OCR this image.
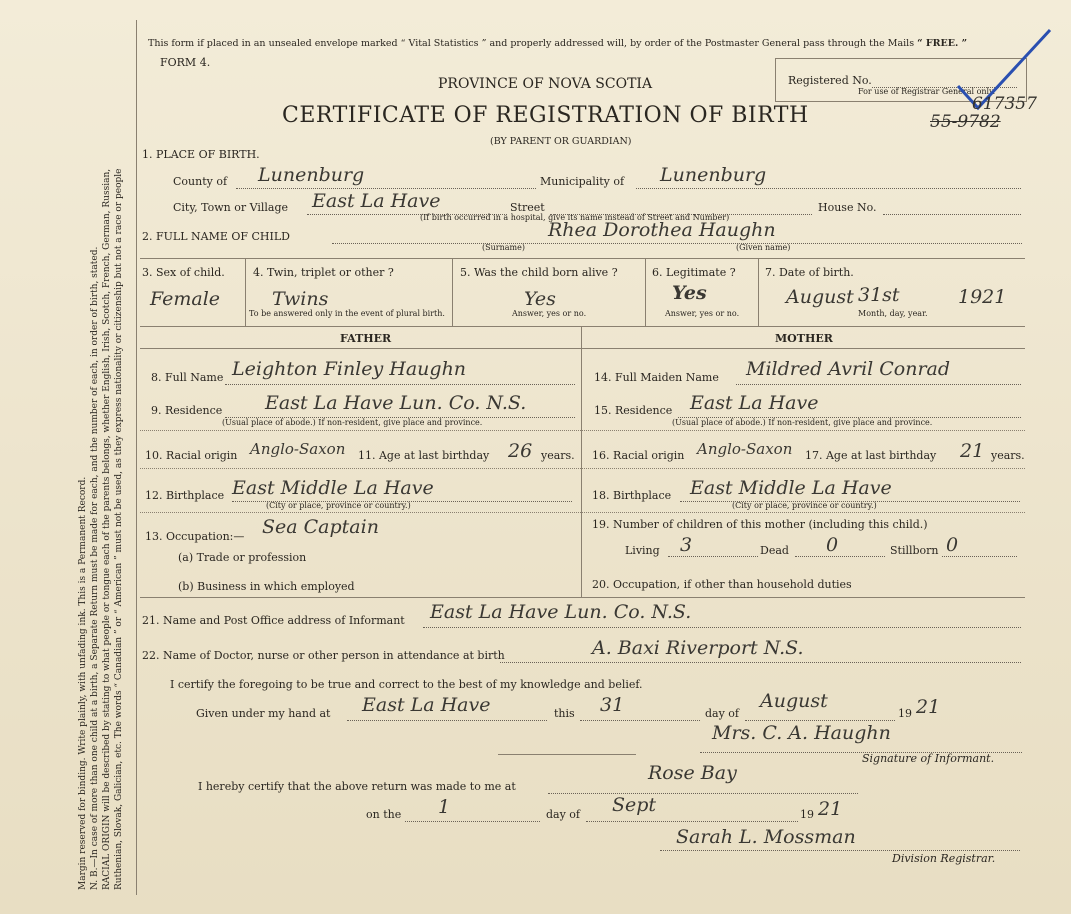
Margin reserved for binding. Write plainly, with unfading ink. This is a Permanent Record. N. B.—In case of more than one child at a birth, a Separate Return must be made for each, and the number of each, in order of birth, stated. RACIAL ORIGIN will be described by stating to what people or tongue each of the parents belongs, whether English, Irish, Scotch, French, German, Russian, Ruthenian, Slovak, Galician, etc. The words “ Canadian ” or “ American ” must not be used, as they express nationality or citizenship but not a race or people
This form if placed in an unsealed envelope marked “ Vital Statistics ” and properly addressed will, by order of the Postmaster General pass through the Mails “ FREE. ”
FORM 4.
PROVINCE OF NOVA SCOTIA
CERTIFICATE OF REGISTRATION OF BIRTH
(BY PARENT OR GUARDIAN)
Registered No.
For use of Registrar General only.
617357
55-9782
1. PLACE OF BIRTH.
County of Lunenburg	Municipality of Lunenburg
City, Town or Village East La Have	Street	House No.
(If birth occurred in a hospital, give its name instead of Street and Number)
2. FULL NAME OF CHILD	Rhea Dorothea Haughn
(Surname)	(Given name)
3. Sex of child.
Female
4. Twin, triplet or other ?
Twins
To be answered only in the event of plural birth.
5. Was the child born alive ?
Yes
Answer, yes or no.
6. Legitimate ?
Yes
Answer, yes or no.
7. Date of birth.
August 31st	1921
Month, day, year.
FATHER	MOTHER
8. Full Name Leighton Finley Haughn
9. Residence East La Have Lun. Co. N.S.
(Usual place of abode.) If non-resident, give place and province.
10. Racial origin Anglo-Saxon 11. Age at last birthday 26 years.
12. Birthplace East Middle La Have
(City or place, province or country.)
13. Occupation:— Sea Captain
(a) Trade or profession
(b) Business in which employed
14. Full Maiden Name Mildred Avril Conrad
15. Residence East La Have
(Usual place of abode.) If non-resident, give place and province.
16. Racial origin Anglo-Saxon 17. Age at last birthday 21 years.
18. Birthplace East Middle La Have
(City or place, province or country.)
19. Number of children of this mother (including this child.)
Living 3	Dead 0	Stillborn 0
20. Occupation, if other than household duties
21. Name and Post Office address of Informant East La Have Lun. Co. N.S.
22. Name of Doctor, nurse or other person in attendance at birth	A. Baxi Riverport N.S.
I certify the foregoing to be true and correct to the best of my knowledge and belief.
Given under my hand at East La Have	this 31	day of
August
19 21
Mrs. C. A. Haughn
Signature of Informant.
I hereby certify that the above return was made to me at
Rose Bay
on the 1	day of Sept	19 21
Sarah L. Mossman
Division Registrar.
